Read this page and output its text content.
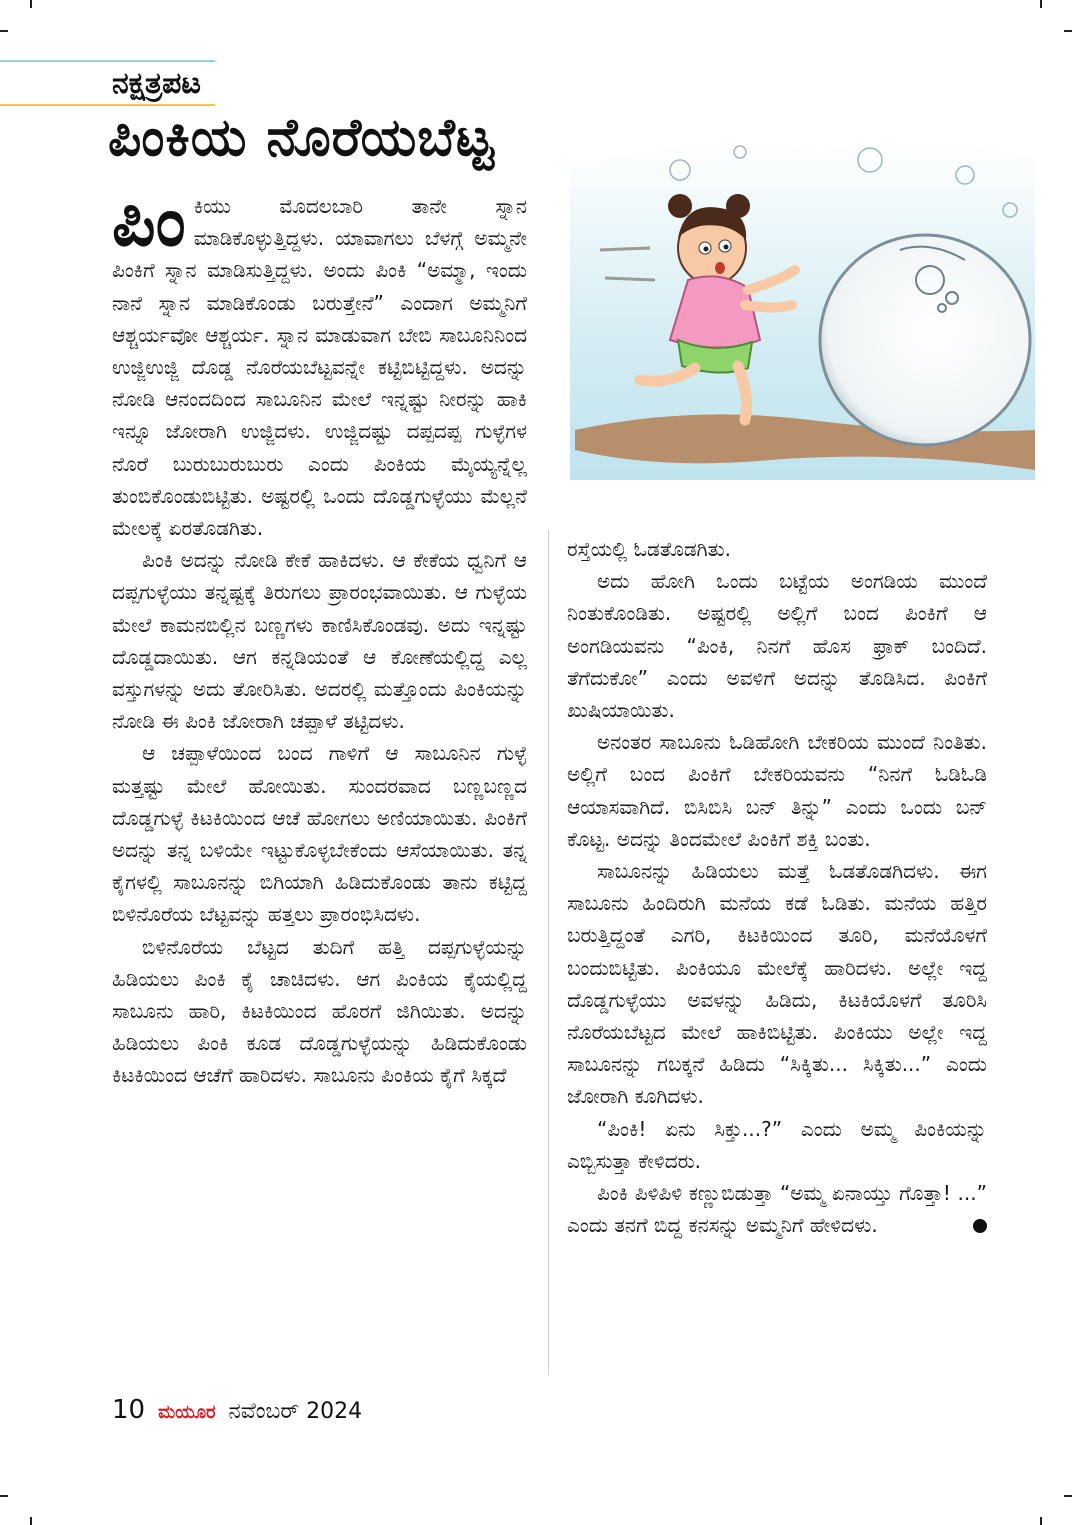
ನಕ್ಷತ್ರಪಟ
ಪಿಂಕಿಯ ನೊರೆಯಬೆಟ್ಟ

ಪಿಂಕಿಯು ಮೊದಲಬಾರಿ ತಾನೇ ಸ್ನಾನ ಮಾಡಿಕೊಳ್ಳುತ್ತಿದ್ದಳು. ಯಾವಾಗಲು ಬೆಳಗ್ಗೆ ಅಮ್ಮನೇ ಪಿಂಕಿಗೆ ಸ್ನಾನ ಮಾಡಿಸುತ್ತಿದ್ದಳು. ಅಂದು ಪಿಂಕಿ “ಅಮ್ಮಾ, ಇಂದು ನಾನೆ ಸ್ನಾನ ಮಾಡಿಕೊಂಡು ಬರುತ್ತೇನೆ” ಎಂದಾಗ ಅಮ್ಮನಿಗೆ ಆಶ್ಚರ್ಯವೋ ಆಶ್ಚರ್ಯ. ಸ್ನಾನ ಮಾಡುವಾಗ ಬೇಬಿ ಸಾಬೂನಿನಿಂದ ಉಜ್ಜಿಉಜ್ಜಿ ದೊಡ್ಡ ನೊರೆಯಬೆಟ್ಟವನ್ನೇ ಕಟ್ಟಿಬಿಟ್ಟಿದ್ದಳು. ಅದನ್ನು ನೋಡಿ ಆನಂದದಿಂದ ಸಾಬೂನಿನ ಮೇಲೆ ಇನ್ನಷ್ಟು ನೀರನ್ನು ಹಾಕಿ ಇನ್ನೂ ಜೋರಾಗಿ ಉಜ್ಜಿದಳು. ಉಜ್ಜಿದಷ್ಟು ದಪ್ಪದಪ್ಪ ಗುಳ್ಳೆಗಳ ನೊರೆ ಬುರುಬುರುಬುರು ಎಂದು ಪಿಂಕಿಯ ಮೈಯ್ಯನ್ನೆಲ್ಲ ತುಂಬಿಕೊಂಡುಬಿಟ್ಟಿತು. ಅಷ್ಟರಲ್ಲಿ ಒಂದು ದೊಡ್ಡಗುಳ್ಳೆಯು ಮೆಲ್ಲನೆ ಮೇಲಕ್ಕೆ ಏರತೊಡಗಿತು.

ಪಿಂಕಿ ಅದನ್ನು ನೋಡಿ ಕೇಕೆ ಹಾಕಿದಳು. ಆ ಕೇಕೆಯ ಧ್ವನಿಗೆ ಆ ದಪ್ಪಗುಳ್ಳೆಯು ತನ್ನಷ್ಟಕ್ಕೆ ತಿರುಗಲು ಪ್ರಾರಂಭವಾಯಿತು. ಆ ಗುಳ್ಳೆಯ ಮೇಲೆ ಕಾಮನಬಿಲ್ಲಿನ ಬಣ್ಣಗಳು ಕಾಣಿಸಿಕೊಂಡವು. ಅದು ಇನ್ನಷ್ಟು ದೊಡ್ಡದಾಯಿತು. ಆಗ ಕನ್ನಡಿಯಂತೆ ಆ ಕೋಣೆಯಲ್ಲಿದ್ದ ಎಲ್ಲ ವಸ್ತುಗಳನ್ನು ಅದು ತೋರಿಸಿತು. ಅದರಲ್ಲಿ ಮತ್ತೊಂದು ಪಿಂಕಿಯನ್ನು ನೋಡಿ ಈ ಪಿಂಕಿ ಜೋರಾಗಿ ಚಪ್ಪಾಳೆ ತಟ್ಟಿದಳು.

ಆ ಚಪ್ಪಾಳೆಯಿಂದ ಬಂದ ಗಾಳಿಗೆ ಆ ಸಾಬೂನಿನ ಗುಳ್ಳೆ ಮತ್ತಷ್ಟು ಮೇಲೆ ಹೋಯಿತು. ಸುಂದರವಾದ ಬಣ್ಣಬಣ್ಣದ ದೊಡ್ಡಗುಳ್ಳೆ ಕಿಟಕಿಯಿಂದ ಆಚೆ ಹೋಗಲು ಅಣಿಯಾಯಿತು. ಪಿಂಕಿಗೆ ಅದನ್ನು ತನ್ನ ಬಳಿಯೇ ಇಟ್ಟುಕೊಳ್ಳಬೇಕೆಂದು ಆಸೆಯಾಯಿತು. ತನ್ನ ಕೈಗಳಲ್ಲಿ ಸಾಬೂನನ್ನು ಬಿಗಿಯಾಗಿ ಹಿಡಿದುಕೊಂಡು ತಾನು ಕಟ್ಟಿದ್ದ ಬಿಳಿನೊರೆಯ ಬೆಟ್ಟವನ್ನು ಹತ್ತಲು ಪ್ರಾರಂಭಿಸಿದಳು.

ಬಿಳಿನೊರೆಯ ಬೆಟ್ಟದ ತುದಿಗೆ ಹತ್ತಿ ದಪ್ಪಗುಳ್ಳೆಯನ್ನು ಹಿಡಿಯಲು ಪಿಂಕಿ ಕೈ ಚಾಚಿದಳು. ಆಗ ಪಿಂಕಿಯ ಕೈಯಲ್ಲಿದ್ದ ಸಾಬೂನು ಹಾರಿ, ಕಿಟಕಿಯಿಂದ ಹೊರಗೆ ಜಿಗಿಯಿತು. ಅದನ್ನು ಹಿಡಿಯಲು ಪಿಂಕಿ ಕೂಡ ದೊಡ್ಡಗುಳ್ಳೆಯನ್ನು ಹಿಡಿದುಕೊಂಡು ಕಿಟಕಿಯಿಂದ ಆಚೆಗೆ ಹಾರಿದಳು. ಸಾಬೂನು ಪಿಂಕಿಯ ಕೈಗೆ ಸಿಕ್ಕದೆ

ರಸ್ತೆಯಲ್ಲಿ ಓಡತೊಡಗಿತು.

ಅದು ಹೋಗಿ ಒಂದು ಬಟ್ಟೆಯ ಅಂಗಡಿಯ ಮುಂದೆ ನಿಂತುಕೊಂಡಿತು. ಅಷ್ಟರಲ್ಲಿ ಅಲ್ಲಿಗೆ ಬಂದ ಪಿಂಕಿಗೆ ಆ ಅಂಗಡಿಯವನು “ಪಿಂಕಿ, ನಿನಗೆ ಹೊಸ ಫ್ರಾಕ್ ಬಂದಿದೆ. ತೆಗೆದುಕೋ” ಎಂದು ಅವಳಿಗೆ ಅದನ್ನು ತೊಡಿಸಿದ. ಪಿಂಕಿಗೆ ಖುಷಿಯಾಯಿತು.

ಅನಂತರ ಸಾಬೂನು ಓಡಿಹೋಗಿ ಬೇಕರಿಯ ಮುಂದೆ ನಿಂತಿತು. ಅಲ್ಲಿಗೆ ಬಂದ ಪಿಂಕಿಗೆ ಬೇಕರಿಯವನು “ನಿನಗೆ ಓಡಿಓಡಿ ಆಯಾಸವಾಗಿದೆ. ಬಿಸಿಬಿಸಿ ಬನ್ ತಿನ್ನು” ಎಂದು ಒಂದು ಬನ್ ಕೊಟ್ಟ. ಅದನ್ನು ತಿಂದಮೇಲೆ ಪಿಂಕಿಗೆ ಶಕ್ತಿ ಬಂತು.

ಸಾಬೂನನ್ನು ಹಿಡಿಯಲು ಮತ್ತೆ ಓಡತೊಡಗಿದಳು. ಈಗ ಸಾಬೂನು ಹಿಂದಿರುಗಿ ಮನೆಯ ಕಡೆ ಓಡಿತು. ಮನೆಯ ಹತ್ತಿರ ಬರುತ್ತಿದ್ದಂತೆ ಎಗರಿ, ಕಿಟಕಿಯಿಂದ ತೂರಿ, ಮನೆಯೊಳಗೆ ಬಂದುಬಿಟ್ಟಿತು. ಪಿಂಕಿಯೂ ಮೇಲೆಕ್ಕೆ ಹಾರಿದಳು. ಅಲ್ಲೇ ಇದ್ದ ದೊಡ್ಡಗುಳ್ಳೆಯು ಅವಳನ್ನು ಹಿಡಿದು, ಕಿಟಕಿಯೊಳಗೆ ತೂರಿಸಿ ನೊರೆಯಬೆಟ್ಟದ ಮೇಲೆ ಹಾಕಿಬಿಟ್ಟಿತು. ಪಿಂಕಿಯು ಅಲ್ಲೇ ಇದ್ದ ಸಾಬೂನನ್ನು ಗಬಕ್ಕನೆ ಹಿಡಿದು “ಸಿಕ್ಕಿತು... ಸಿಕ್ಕಿತು...” ಎಂದು ಜೋರಾಗಿ ಕೂಗಿದಳು.

“ಪಿಂಕಿ! ಏನು ಸಿಕ್ತು...?” ಎಂದು ಅಮ್ಮ ಪಿಂಕಿಯನ್ನು ಎಬ್ಬಿಸುತ್ತಾ ಕೇಳಿದರು.

ಪಿಂಕಿ ಪಿಳಿಪಿಳಿ ಕಣ್ಣುಬಿಡುತ್ತಾ “ಅಮ್ಮ ಏನಾಯ್ತು ಗೊತ್ತಾ! ...” ಎಂದು ತನಗೆ ಬಿದ್ದ ಕನಸನ್ನು ಅಮ್ಮನಿಗೆ ಹೇಳಿದಳು.

10 ಮಯೂರ ನವೆಂಬರ್ 2024
